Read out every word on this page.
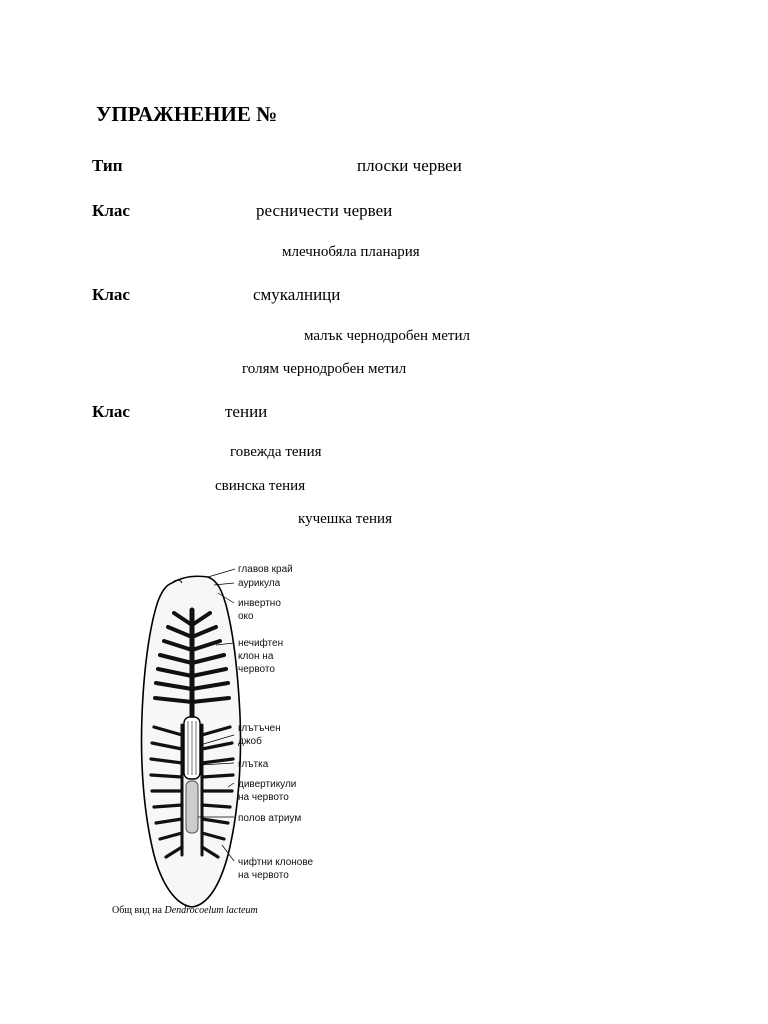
УПРАЖНЕНИЕ №
Тип	плоски червеи
Клас	ресничести червеи
млечнобяла планария
Клас	смукалници
малък чернодробен метил
голям чернодробен метил
Клас	тении
говежда тения
свинска тения
кучешка тения
главов край
аурикула
инвертно
око
нечифтен
клон на
червото
глътъчен
джоб
глътка
дивертикули
на червото
полов атриум
чифтни клонове
на червото
Общ вид на Dendrocoelum lacteum
